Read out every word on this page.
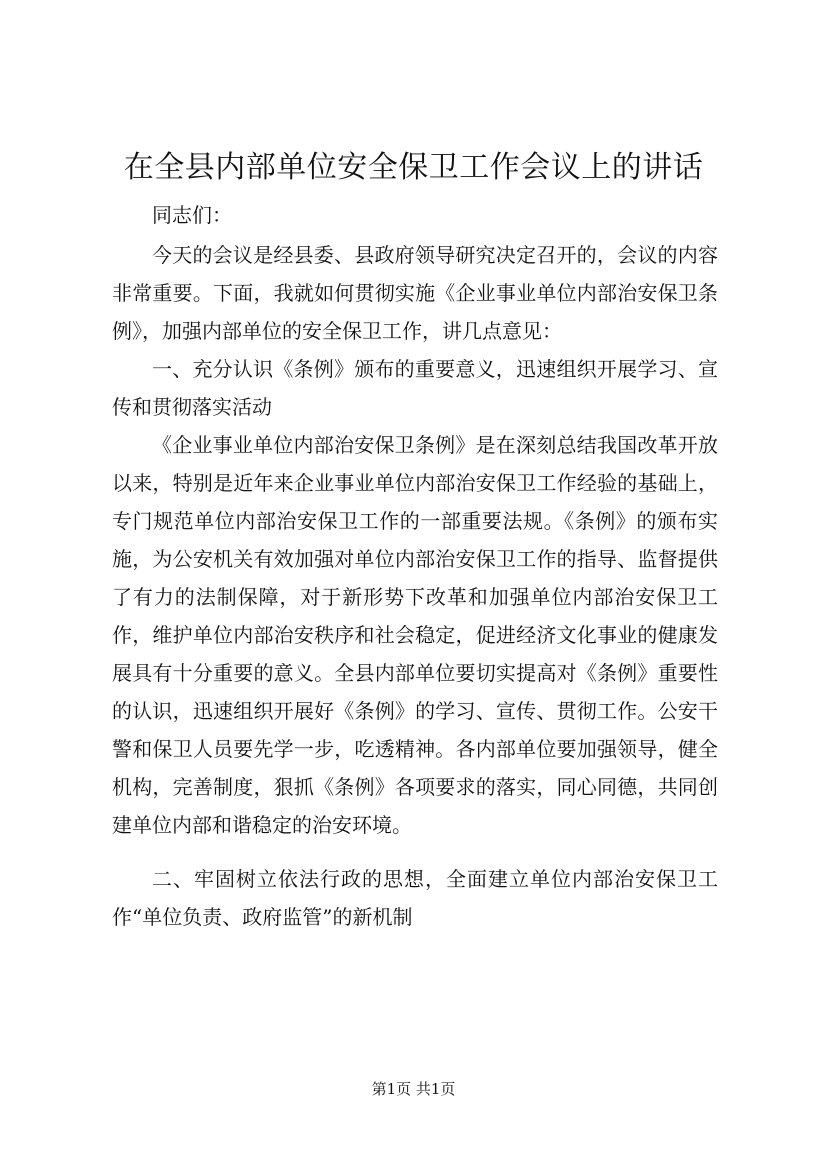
在全县内部单位安全保卫工作会议上的讲话

同志们：

今天的会议是经县委、县政府领导研究决定召开的，会议的内容非常重要。下面，我就如何贯彻实施《企业事业单位内部治安保卫条例》，加强内部单位的安全保卫工作，讲几点意见：

一、充分认识《条例》颁布的重要意义，迅速组织开展学习、宣传和贯彻落实活动

《企业事业单位内部治安保卫条例》是在深刻总结我国改革开放以来，特别是近年来企业事业单位内部治安保卫工作经验的基础上，专门规范单位内部治安保卫工作的一部重要法规。《条例》的颁布实施，为公安机关有效加强对单位内部治安保卫工作的指导、监督提供了有力的法制保障，对于新形势下改革和加强单位内部治安保卫工作，维护单位内部治安秩序和社会稳定，促进经济文化事业的健康发展具有十分重要的意义。全县内部单位要切实提高对《条例》重要性的认识，迅速组织开展好《条例》的学习、宣传、贯彻工作。公安干警和保卫人员要先学一步，吃透精神。各内部单位要加强领导，健全机构，完善制度，狠抓《条例》各项要求的落实，同心同德，共同创建单位内部和谐稳定的治安环境。

二、牢固树立依法行政的思想，全面建立单位内部治安保卫工作“单位负责、政府监管”的新机制

第1页 共1页
